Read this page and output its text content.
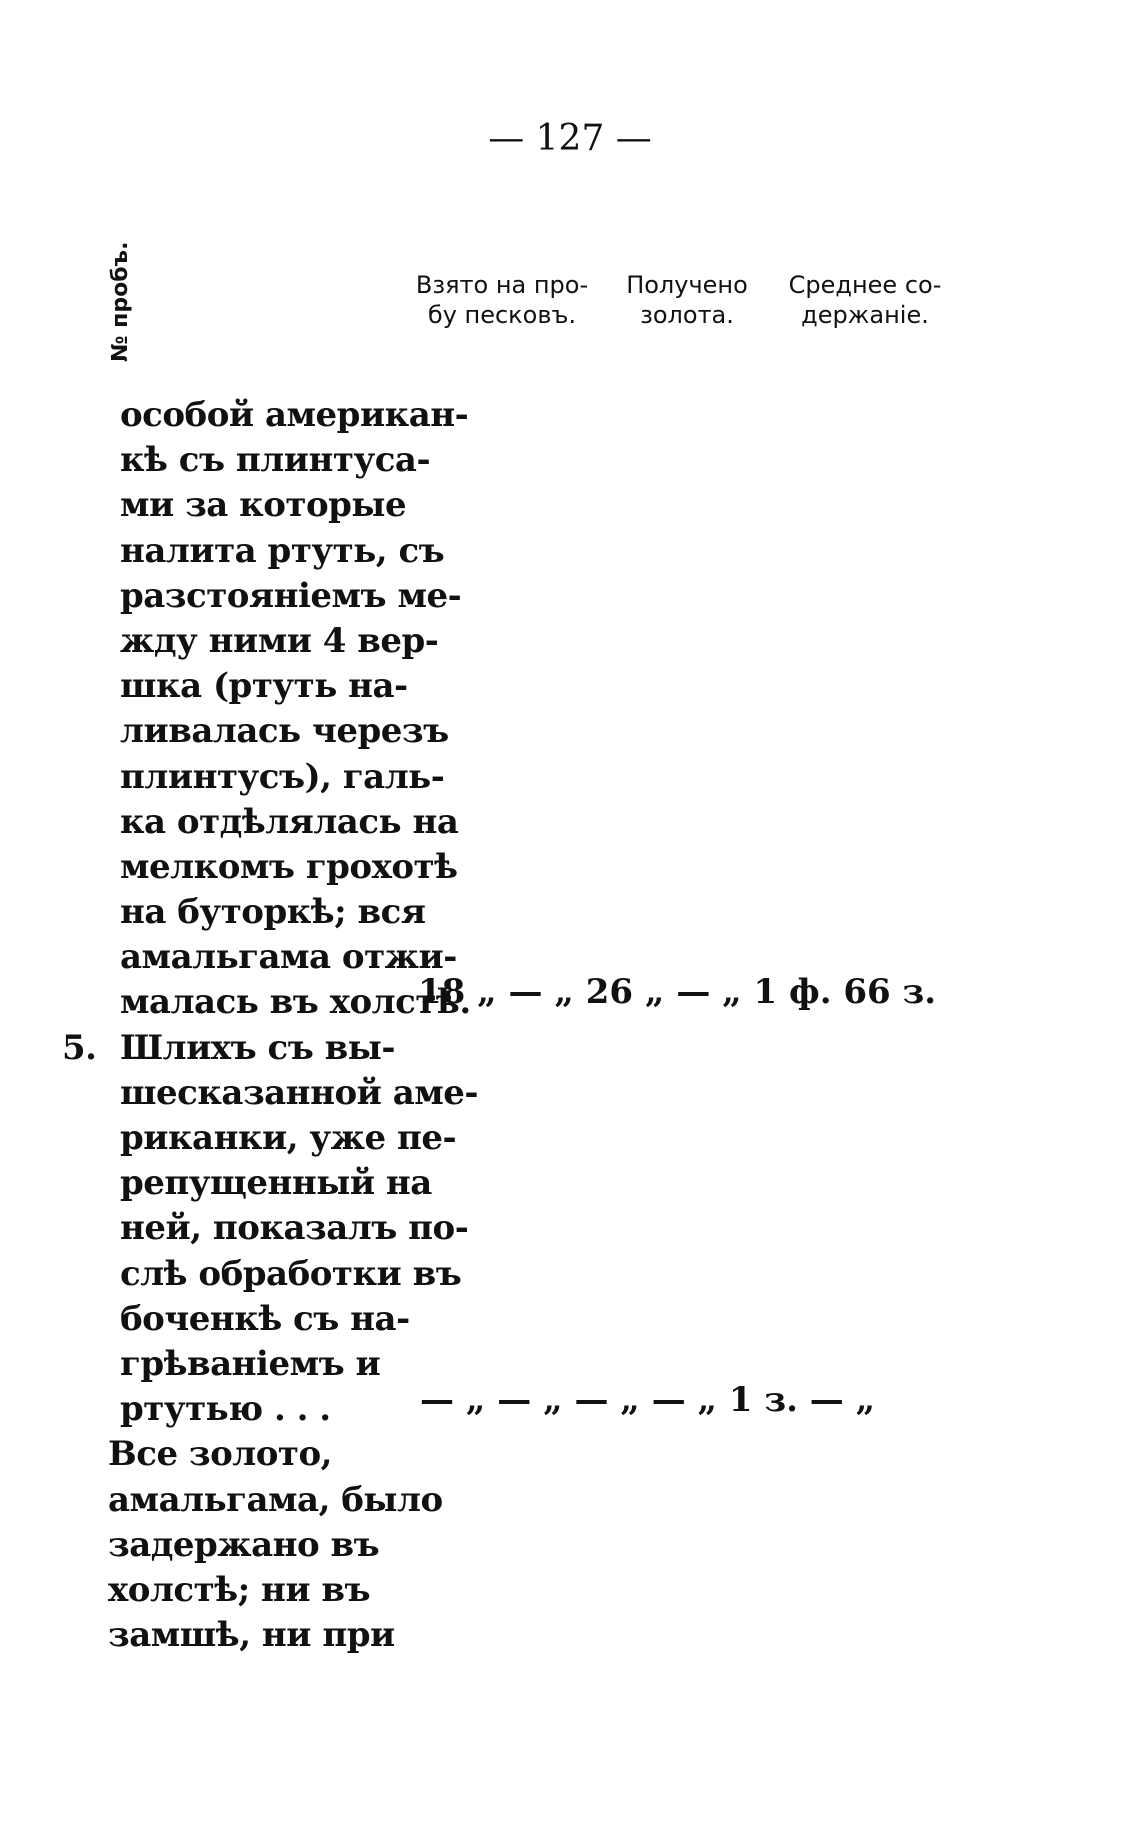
— 127 —
№ пробъ.	Взято на про-
бу песковъ.
Получено
золота.
Среднее со-
держаніе.
особой американ-
кѣ съ плинтуса-
ми за которые
налита ртуть, съ
разстояніемъ ме-
жду ними 4 вер-
шка (ртуть на-
ливалась черезъ
плинтусъ), галь-
ка отдѣлялась на
мелкомъ грохотѣ
на буторкѣ; вся
амальгама отжи-
малась въ холстѣ.
5. Шлихъ съ вы-
шесказанной аме-
риканки, уже пе-
репущенный на
ней, показалъ по-
слѣ обработки въ
боченкѣ съ на-
грѣваніемъ и
ртутью . . .
Все золото,
амальгама, было
задержано въ
холстѣ; ни въ
замшѣ, ни при
18 „ — „ 26 „ — „ 1 ф. 66 з.
— „ — „ — „ — „ 1 з. — „
